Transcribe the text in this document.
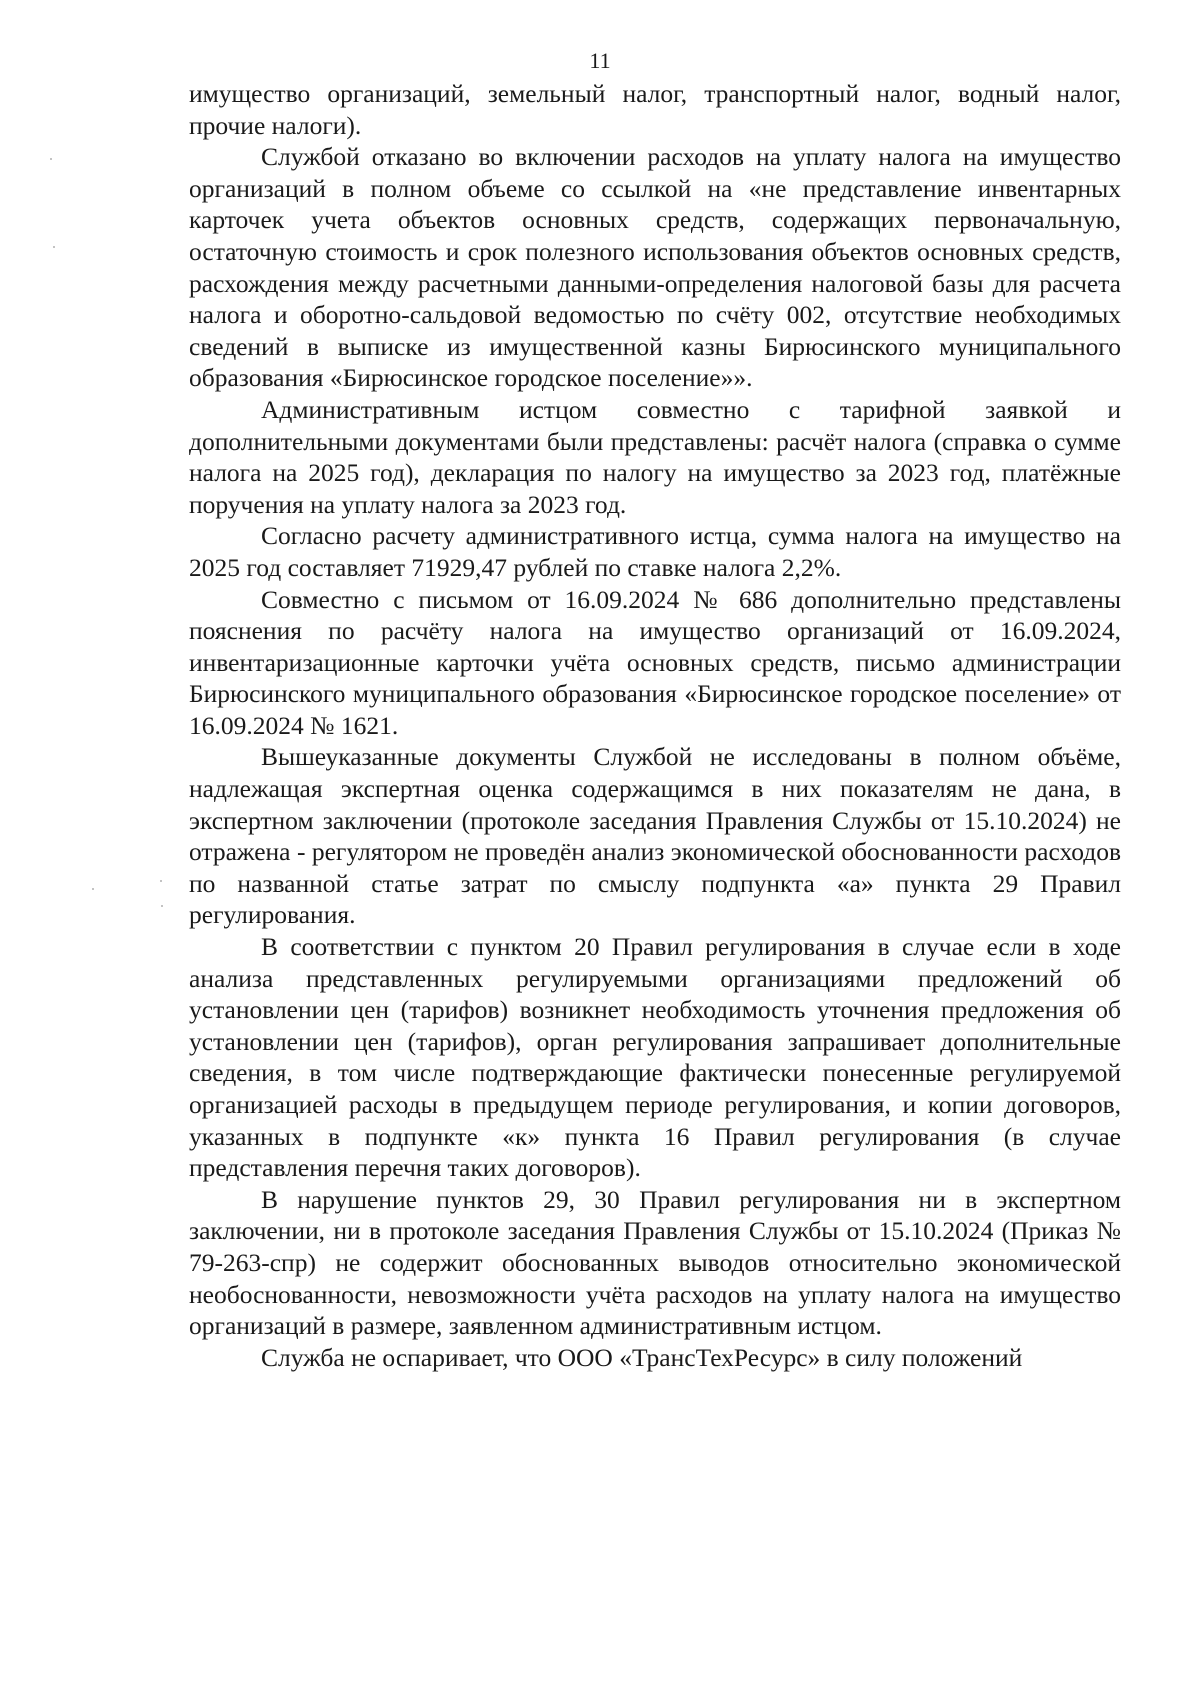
11

имущество организаций, земельный налог, транспортный налог, водный налог, прочие налоги).

Службой отказано во включении расходов на уплату налога на имущество организаций в полном объеме со ссылкой на «не представление инвентарных карточек учета объектов основных средств, содержащих первоначальную, остаточную стоимость и срок полезного использования объектов основных средств, расхождения между расчетными данными-определения налоговой базы для расчета налога и оборотно-сальдовой ведомостью по счёту 002, отсутствие необходимых сведений в выписке из имущественной казны Бирюсинского муниципального образования «Бирюсинское городское поселение»».

Административным истцом совместно с тарифной заявкой и дополнительными документами были представлены: расчёт налога (справка о сумме налога на 2025 год), декларация по налогу на имущество за 2023 год, платёжные поручения на уплату налога за 2023 год.

Согласно расчету административного истца, сумма налога на имущество на 2025 год составляет 71929,47 рублей по ставке налога 2,2%.

Совместно с письмом от 16.09.2024 № 686 дополнительно представлены пояснения по расчёту налога на имущество организаций от 16.09.2024, инвентаризационные карточки учёта основных средств, письмо администрации Бирюсинского муниципального образования «Бирюсинское городское поселение» от 16.09.2024 № 1621.

Вышеуказанные документы Службой не исследованы в полном объёме, надлежащая экспертная оценка содержащимся в них показателям не дана, в экспертном заключении (протоколе заседания Правления Службы от 15.10.2024) не отражена - регулятором не проведён анализ экономической обоснованности расходов по названной статье затрат по смыслу подпункта «а» пункта 29 Правил регулирования.

В соответствии с пунктом 20 Правил регулирования в случае если в ходе анализа представленных регулируемыми организациями предложений об установлении цен (тарифов) возникнет необходимость уточнения предложения об установлении цен (тарифов), орган регулирования запрашивает дополнительные сведения, в том числе подтверждающие фактически понесенные регулируемой организацией расходы в предыдущем периоде регулирования, и копии договоров, указанных в подпункте «к» пункта 16 Правил регулирования (в случае представления перечня таких договоров).

В нарушение пунктов 29, 30 Правил регулирования ни в экспертном заключении, ни в протоколе заседания Правления Службы от 15.10.2024 (Приказ № 79-263-спр) не содержит обоснованных выводов относительно экономической необоснованности, невозможности учёта расходов на уплату налога на имущество организаций в размере, заявленном административным истцом.

Служба не оспаривает, что ООО «ТрансТехРесурс» в силу положений
